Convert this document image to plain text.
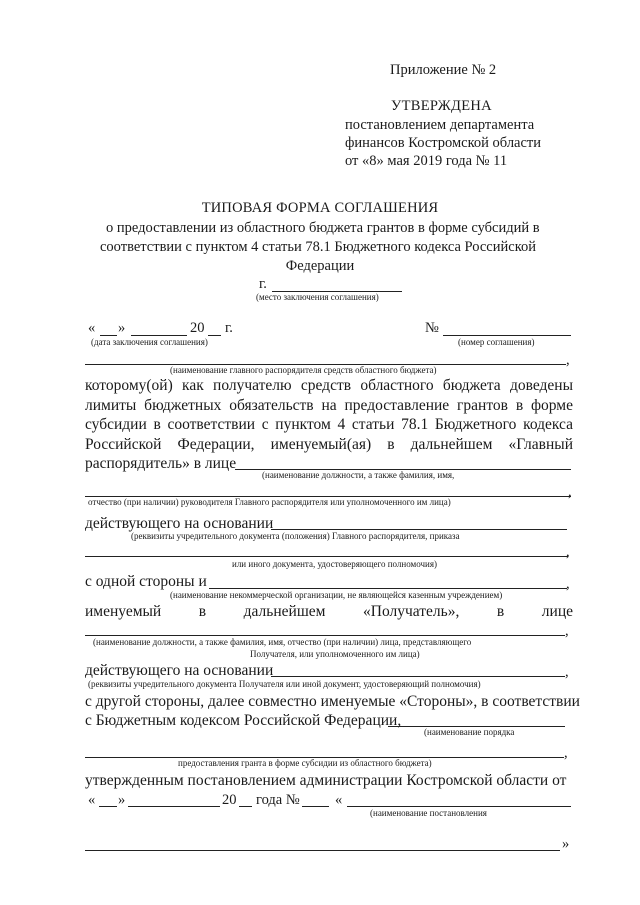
Приложение № 2
УТВЕРЖДЕНА
постановлением департамента
финансов Костромской области
от «8» мая 2019 года № 11
ТИПОВАЯ ФОРМА СОГЛАШЕНИЯ
о предоставлении из областного бюджета грантов в форме субсидий в
соответствии с пунктом 4 статьи 78.1 Бюджетного кодекса Российской
Федерации
г.
(место заключения соглашения)
« »	20 г.
(дата заключения соглашения)
№
(номер соглашения)
,
(наименование главного распорядителя средств областного бюджета)
которому(ой) как получателю средств областного бюджета доведены
лимиты бюджетных обязательств на предоставление грантов в форме
субсидии в соответствии с пунктом 4 статьи 78.1 Бюджетного кодекса
Российской Федерации, именуемый(ая) в дальнейшем «Главный
распорядитель» в лице
(наименование должности, а также фамилия, имя,
,
отчество (при наличии) руководителя Главного распорядителя или уполномоченного им лица)
действующего на основании
(реквизиты учредительного документа (положения) Главного распорядителя, приказа
,
или иного документа, удостоверяющего полномочия)
с одной стороны и	,
(наименование некоммерческой организации, не являющейся казенным учреждением)
именуемый в дальнейшем «Получатель», в лице
,
(наименование должности, а также фамилия, имя, отчество (при наличии) лица, представляющего
Получателя, или уполномоченного им лица)
действующего на основании	,
(реквизиты учредительного документа Получателя или иной документ, удостоверяющий полномочия)
с другой стороны, далее совместно именуемые «Стороны», в соответствии
с Бюджетным кодексом Российской Федерации,
(наименование порядка
,
предоставления гранта в форме субсидии из областного бюджета)
утвержденным постановлением администрации Костромской области от
« »	20 года № «
(наименование постановления
»
